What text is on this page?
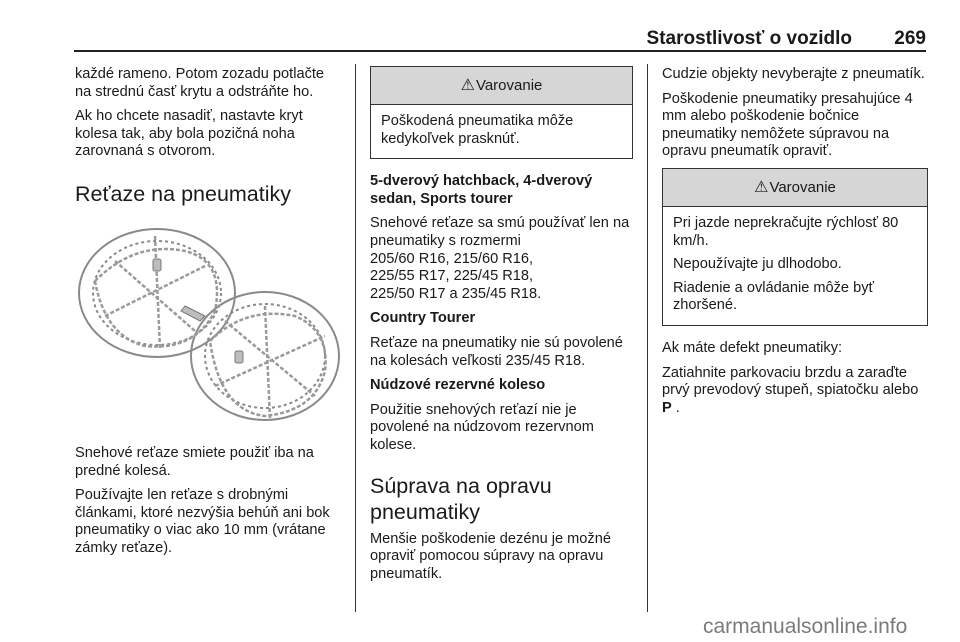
Starostlivosť o vozidlo 269

každé rameno. Potom zozadu potlačte na strednú časť krytu a odstráňte ho.

Ak ho chcete nasadiť, nastavte kryt kolesa tak, aby bola pozičná noha zarovnaná s otvorom.

Reťaze na pneumatiky

Snehové reťaze smiete použiť iba na predné kolesá.

Používajte len reťaze s drobnými článkami, ktoré nezvýšia behúň ani bok pneumatiky o viac ako 10 mm (vrátane zámky reťaze).

⚠Varovanie

Poškodená pneumatika môže kedykoľvek prasknúť.

5-dverový hatchback, 4-dverový sedan, Sports tourer

Snehové reťaze sa smú používať len na pneumatiky s rozmermi
205/60 R16, 215/60 R16,
225/55 R17, 225/45 R18,
225/50 R17 a 235/45 R18.

Country Tourer

Reťaze na pneumatiky nie sú povolené na kolesách veľkosti 235/45 R18.

Núdzové rezervné koleso

Použitie snehových reťazí nie je povolené na núdzovom rezervnom kolese.

Súprava na opravu pneumatiky

Menšie poškodenie dezénu je možné opraviť pomocou súpravy na opravu pneumatík.

Cudzie objekty nevyberajte z pneumatík.

Poškodenie pneumatiky presahujúce 4 mm alebo poškodenie bočnice pneumatiky nemôžete súpravou na opravu pneumatík opraviť.

⚠Varovanie

Pri jazde neprekračujte rýchlosť 80 km/h.

Nepoužívajte ju dlhodobo.

Riadenie a ovládanie môže byť zhoršené.

Ak máte defekt pneumatiky:

Zatiahnite parkovaciu brzdu a zaraďte prvý prevodový stupeň, spiatočku alebo P .

carmanualsonline.info
